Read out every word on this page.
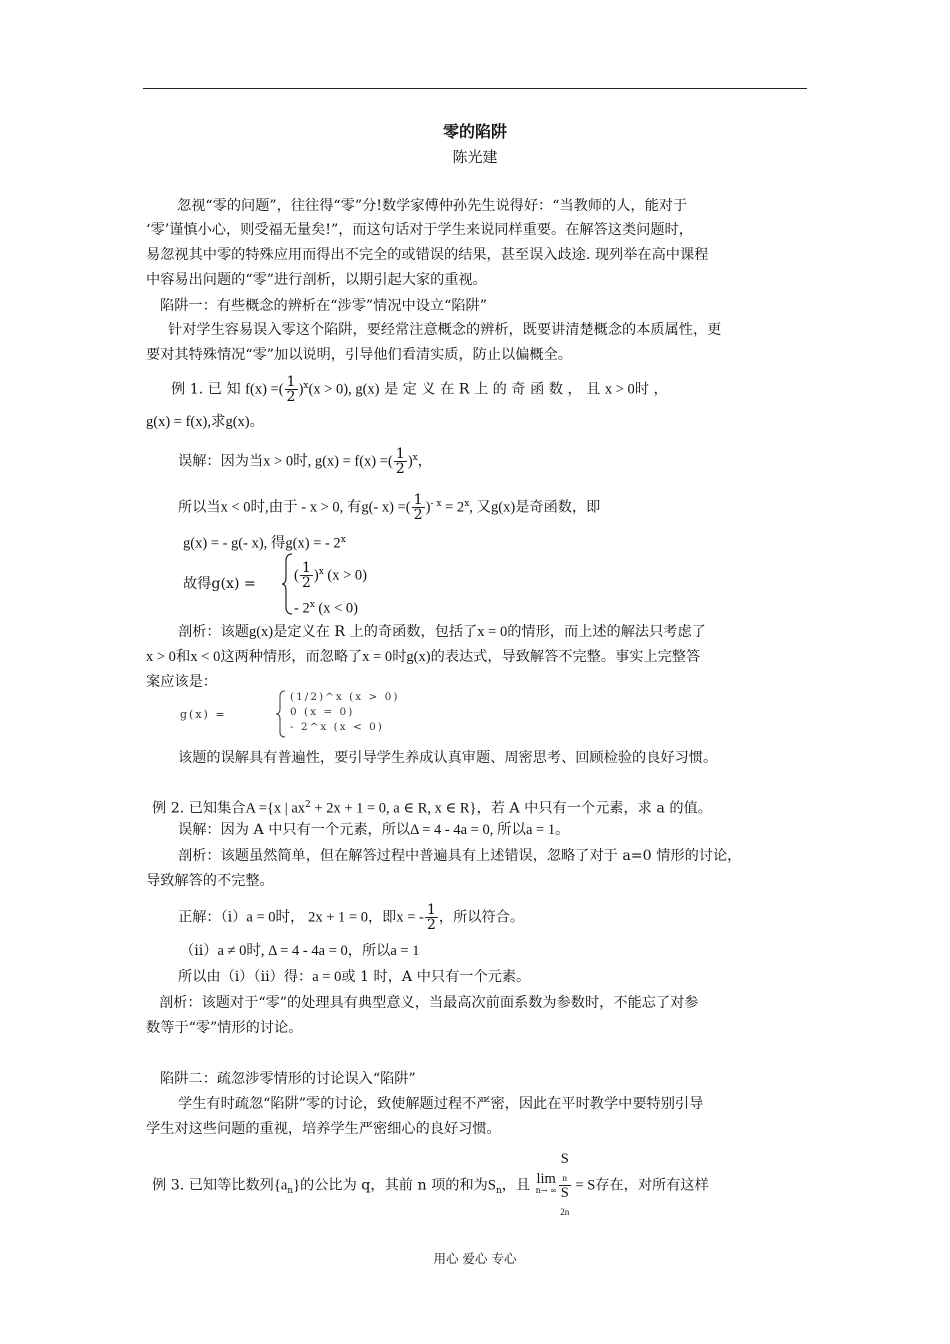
零的陷阱
陈光建
忽视“零的问题”，往往得“零”分!数学家傅仲孙先生说得好：“当教师的人，能对于
‘零’谨慎小心，则受福无量矣!”，而这句话对于学生来说同样重要。在解答这类问题时，
易忽视其中零的特殊应用而得出不完全的或错误的结果，甚至误入歧途. 现列举在高中课程
中容易出问题的“零”进行剖析，以期引起大家的重视。
陷阱一：有些概念的辨析在“涉零”情况中设立“陷阱”
针对学生容易误入零这个陷阱，要经常注意概念的辨析，既要讲清楚概念的本质属性，更
要对其特殊情况“零”加以说明，引导他们看清实质，防止以偏概全。
例 1. 已 知 f(x) =( $\frac{1}{2} )^x(x > 0)$, g(x) 是 定 义 在 R 上 的 奇 函 数 ， 且 x > 0时 ，
g(x) = f(x),求g(x)。
误解：因为当x > 0时, g(x) = f(x) =( $\frac{1}{2} )^x$，
所以当x < 0时,由于 - x > 0, 有g(- x) =( $\frac{1}{2} )^{- x} = 2^x$, 又g(x)是奇函数，即
g(x) = - g(- x), 得g(x) = - 2$^x$
故得g(x) =
( $\frac{1}{2} )^x$ (x > 0)
- 2$^x$ (x < 0)
剖析：该题g(x)是定义在 R 上的奇函数，包括了x = 0的情形，而上述的解法只考虑了
x > 0和x < 0这两种情形，而忽略了x = 0时g(x)的表达式，导致解答不完整。事实上完整答
案应该是：
g(x) =
(1/2)^x (x > 0)
0 (x = 0)
- 2^x (x < 0)
该题的误解具有普遍性，要引导学生养成认真审题、周密思考、回顾检验的良好习惯。
例 2. 已知集合A ={x | $ax^2 + 2x + 1 = 0$, a ∈ R, x ∈ R}，若 A 中只有一个元素，求 a 的值。
误解：因为 A 中只有一个元素，所以Δ = 4 - 4a = 0, 所以a = 1。
剖析：该题虽然简单，但在解答过程中普遍具有上述错误，忽略了对于 a=0 情形的讨论，
导致解答的不完整。
正解：（i）a = 0时， 2x + 1 = 0，即x = - $\frac{1}{2}$ ，所以符合。
（ii）a ≠ 0时, Δ = 4 - 4a = 0，所以a = 1
所以由（i）（ii）得：a = 0或 1 时，A 中只有一个元素。
剖析：该题对于“零”的处理具有典型意义，当最高次前面系数为参数时，不能忘了对参
数等于“零”情形的讨论。
陷阱二：疏忽涉零情形的讨论误入“陷阱”
学生有时疏忽“陷阱”零的讨论，致使解题过程不严密，因此在平时教学中要特别引导
学生对这些问题的重视，培养学生严密细心的良好习惯。
例 3. 已知等比数列$\{a_n\}$的公比为 q，其前 n 项的和为$S_n$，且 lim
n→ ∞ S
$_n$
S
$_{2n}$ = S存在，对所有这样
用心 爱心 专心
